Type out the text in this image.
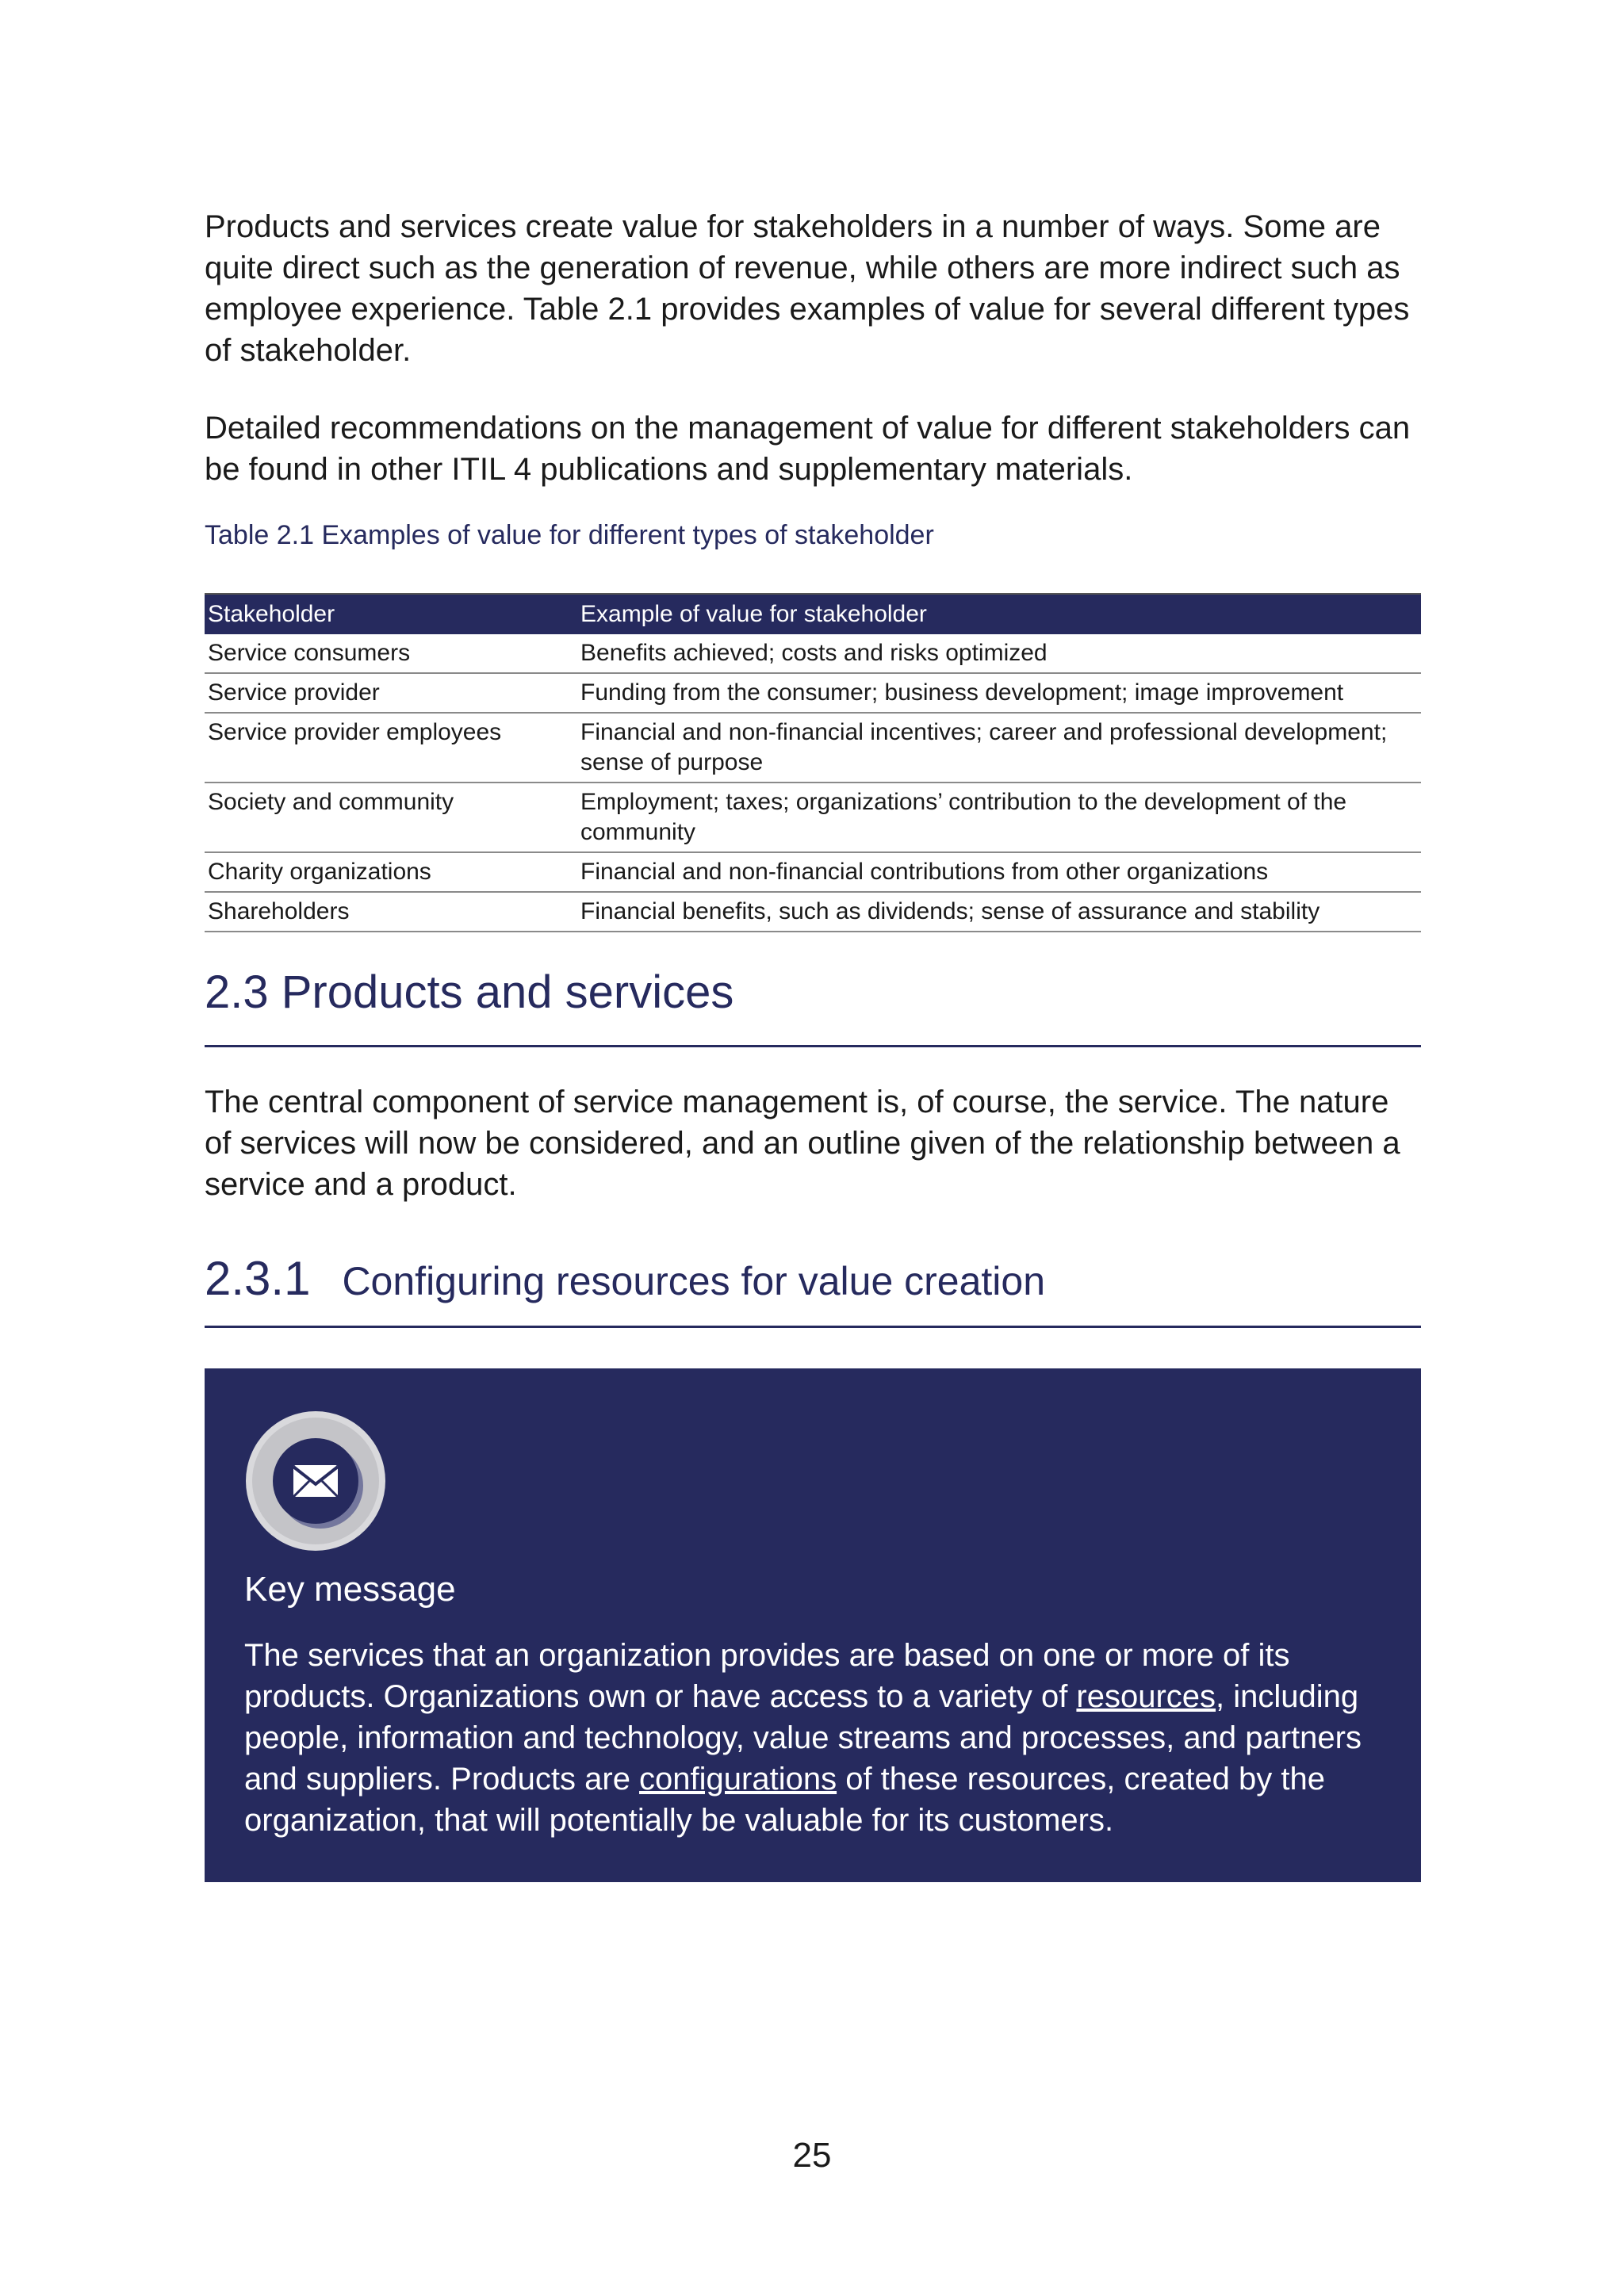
Products and services create value for stakeholders in a number of ways. Some are quite direct such as the generation of revenue, while others are more indirect such as employee experience. Table 2.1 provides examples of value for several different types of stakeholder.

Detailed recommendations on the management of value for different stakeholders can be found in other ITIL 4 publications and supplementary materials.

Table 2.1 Examples of value for different types of stakeholder

Stakeholder	Example of value for stakeholder
Service consumers	Benefits achieved; costs and risks optimized
Service provider	Funding from the consumer; business development; image improvement
Service provider employees	Financial and non-financial incentives; career and professional development; sense of purpose
Society and community	Employment; taxes; organizations’ contribution to the development of the community
Charity organizations	Financial and non-financial contributions from other organizations
Shareholders	Financial benefits, such as dividends; sense of assurance and stability
2.3 Products and services

The central component of service management is, of course, the service. The nature of services will now be considered, and an outline given of the relationship between a service and a product.

2.3.1 Configuring resources for value creation

Key message

The services that an organization provides are based on one or more of its products. Organizations own or have access to a variety of resources, including people, information and technology, value streams and processes, and partners and suppliers. Products are configurations of these resources, created by the organization, that will potentially be valuable for its customers.

25
